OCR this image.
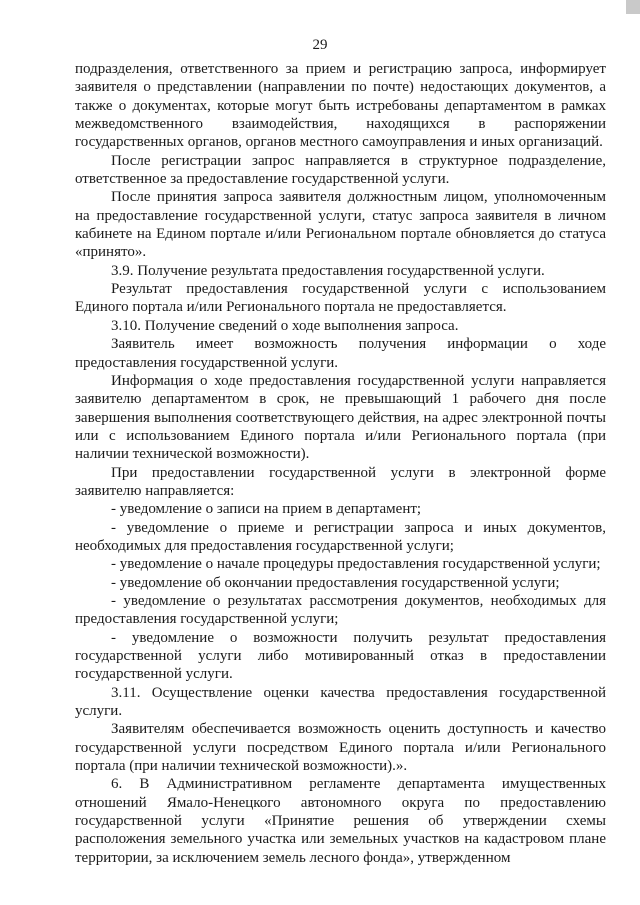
29

подразделения, ответственного за прием и регистрацию запроса, информирует заявителя о представлении (направлении по почте) недостающих документов, а также о документах, которые могут быть истребованы департаментом в рамках межведомственного взаимодействия, находящихся в распоряжении государственных органов, органов местного самоуправления и иных организаций.

После регистрации запрос направляется в структурное подразделение, ответственное за предоставление государственной услуги.

После принятия запроса заявителя должностным лицом, уполномоченным на предоставление государственной услуги, статус запроса заявителя в личном кабинете на Едином портале и/или Региональном портале обновляется до статуса «принято».

3.9. Получение результата предоставления государственной услуги.

Результат предоставления государственной услуги с использованием Единого портала и/или Регионального портала не предоставляется.

3.10. Получение сведений о ходе выполнения запроса.

Заявитель имеет возможность получения информации о ходе предоставления государственной услуги.

Информация о ходе предоставления государственной услуги направляется заявителю департаментом в срок, не превышающий 1 рабочего дня после завершения выполнения соответствующего действия, на адрес электронной почты или с использованием Единого портала и/или Регионального портала (при наличии технической возможности).

При предоставлении государственной услуги в электронной форме заявителю направляется:

- уведомление о записи на прием в департамент;

- уведомление о приеме и регистрации запроса и иных документов, необходимых для предоставления государственной услуги;

- уведомление о начале процедуры предоставления государственной услуги;

- уведомление об окончании предоставления государственной услуги;

- уведомление о результатах рассмотрения документов, необходимых для предоставления государственной услуги;

- уведомление о возможности получить результат предоставления государственной услуги либо мотивированный отказ в предоставлении государственной услуги.

3.11. Осуществление оценки качества предоставления государственной услуги.

Заявителям обеспечивается возможность оценить доступность и качество государственной услуги посредством Единого портала и/или Регионального портала (при наличии технической возможности).».

6. В Административном регламенте департамента имущественных отношений Ямало-Ненецкого автономного округа по предоставлению государственной услуги «Принятие решения об утверждении схемы расположения земельного участка или земельных участков на кадастровом плане территории, за исключением земель лесного фонда», утвержденном
